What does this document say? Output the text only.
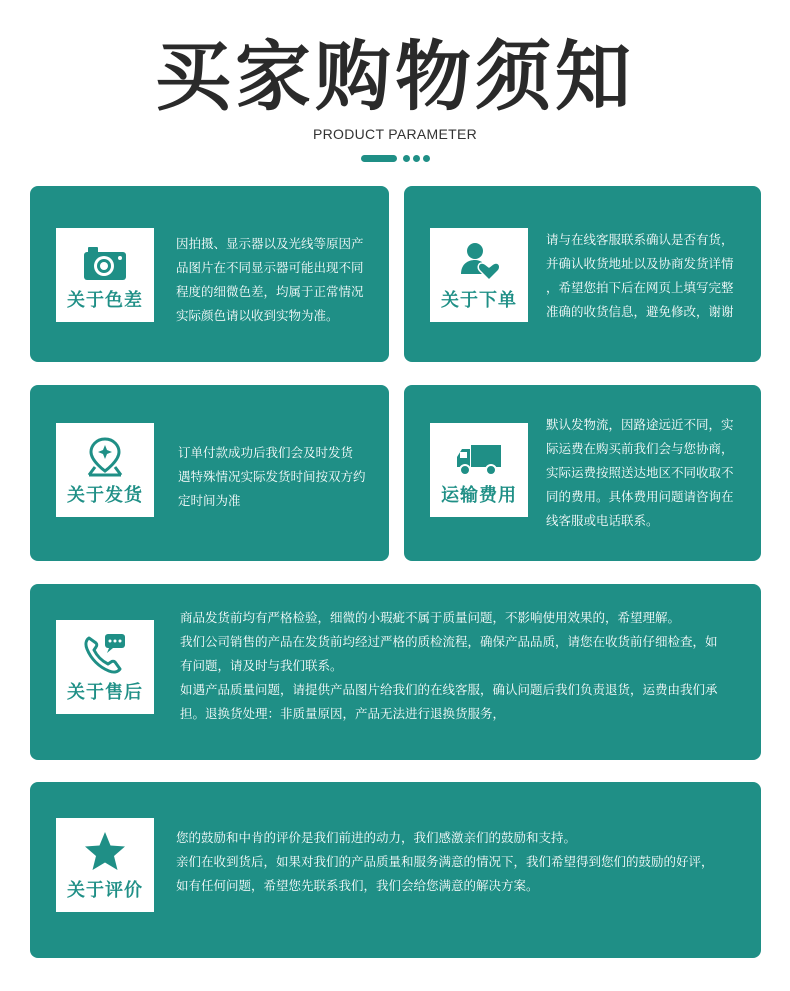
买家购物须知
PRODUCT PARAMETER
关于色差

因拍摄、显示器以及光线等原因产

品图片在不同显示器可能出现不同

程度的细微色差，均属于正常情况

实际颜色请以收到实物为准。

关于下单

请与在线客服联系确认是否有货，

并确认收货地址以及协商发货详情

，希望您拍下后在网页上填写完整

准确的收货信息，避免修改，谢谢

关于发货

订单付款成功后我们会及时发货

遇特殊情况实际发货时间按双方约

定时间为准	运输费用

默认发物流，因路途远近不同，实

际运费在购买前我们会与您协商，

实际运费按照送达地区不同收取不

同的费用。具体费用问题请咨询在

线客服或电话联系。

关于售后

商品发货前均有严格检验，细微的小瑕疵不属于质量问题，不影响使用效果的，希望理解。

我们公司销售的产品在发货前均经过严格的质检流程，确保产品品质，请您在收货前仔细检查，如

有问题，请及时与我们联系。

如遇产品质量问题，请提供产品图片给我们的在线客服，确认问题后我们负责退货，运费由我们承

担。退换货处理：非质量原因，产品无法进行退换货服务，

关于评价

您的鼓励和中肯的评价是我们前进的动力，我们感激亲们的鼓励和支持。

亲们在收到货后，如果对我们的产品质量和服务满意的情况下，我们希望得到您们的鼓励的好评，

如有任何问题，希望您先联系我们，我们会给您满意的解决方案。
